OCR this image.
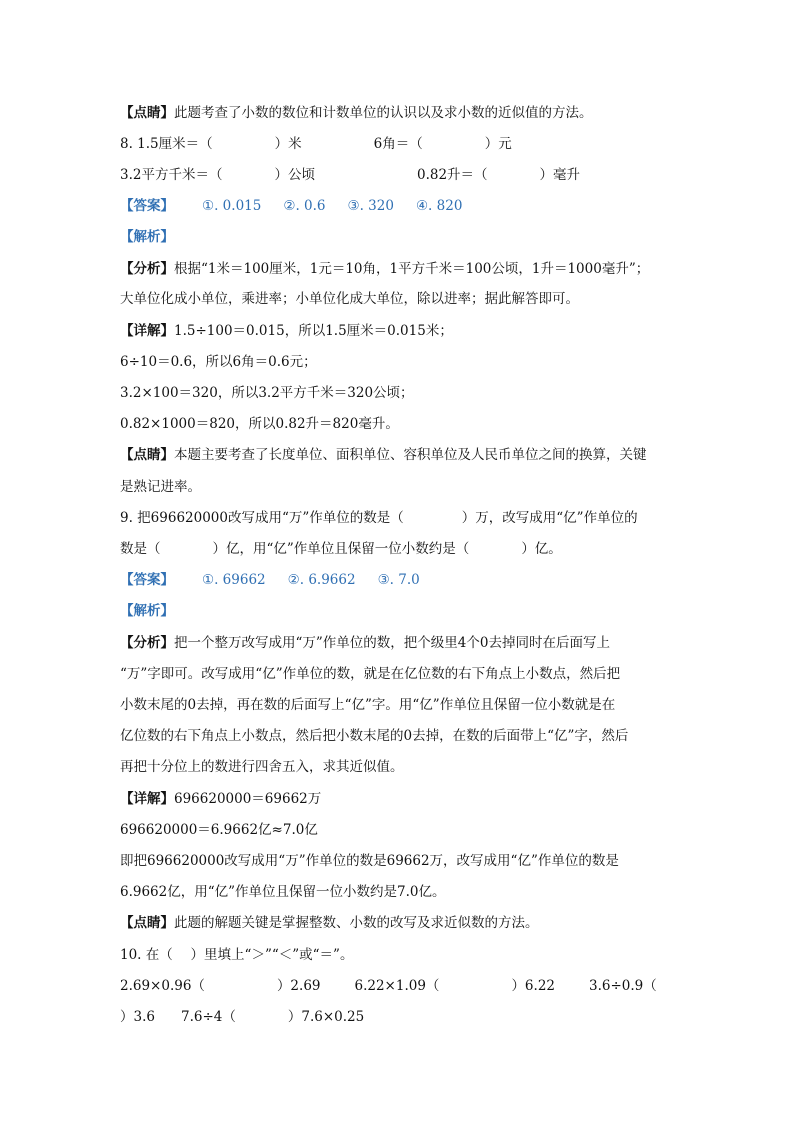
【点睛】此题考查了小数的数位和计数单位的认识以及求小数的近似值的方法。
8. 1.5厘米＝（	）米	6角＝（	）元
3.2平方千米＝（	）公顷	0.82升＝（	）毫升
【答案】 ①. 0.015 ②. 0.6 ③. 320 ④. 820
【解析】
【分析】根据“1米＝100厘米，1元＝10角，1平方千米＝100公顷，1升＝1000毫升”；
大单位化成小单位，乘进率；小单位化成大单位，除以进率；据此解答即可。
【详解】1.5÷100＝0.015，所以1.5厘米＝0.015米；
6÷10＝0.6，所以6角＝0.6元；
3.2×100＝320，所以3.2平方千米＝320公顷；
0.82×1000＝820，所以0.82升＝820毫升。
【点睛】本题主要考查了长度单位、面积单位、容积单位及人民币单位之间的换算，关键
是熟记进率。
9. 把696620000改写成用“万”作单位的数是（	）万，改写成用“亿”作单位的
数是（	）亿，用“亿”作单位且保留一位小数约是（	）亿。
【答案】 ①. 69662 ②. 6.9662 ③. 7.0
【解析】
【分析】把一个整万改写成用“万”作单位的数，把个级里4个0去掉同时在后面写上
“万”字即可。改写成用“亿”作单位的数，就是在亿位数的右下角点上小数点，然后把
小数末尾的0去掉，再在数的后面写上“亿”字。用“亿”作单位且保留一位小数就是在
亿位数的右下角点上小数点，然后把小数末尾的0去掉，在数的后面带上“亿”字，然后
再把十分位上的数进行四舍五入，求其近似值。
【详解】696620000＝69662万
696620000＝6.9662亿≈7.0亿
即把696620000改写成用“万”作单位的数是69662万，改写成用“亿”作单位的数是
6.9662亿，用“亿”作单位且保留一位小数约是7.0亿。
【点睛】此题的解题关键是掌握整数、小数的改写及求近似数的方法。
10. 在（　 ）里填上“＞”“＜”或“＝”。
2.69×0.96（	）2.69	6.22×1.09（	）6.22	3.6÷0.9（
）3.6 7.6÷4（	）7.6×0.25
